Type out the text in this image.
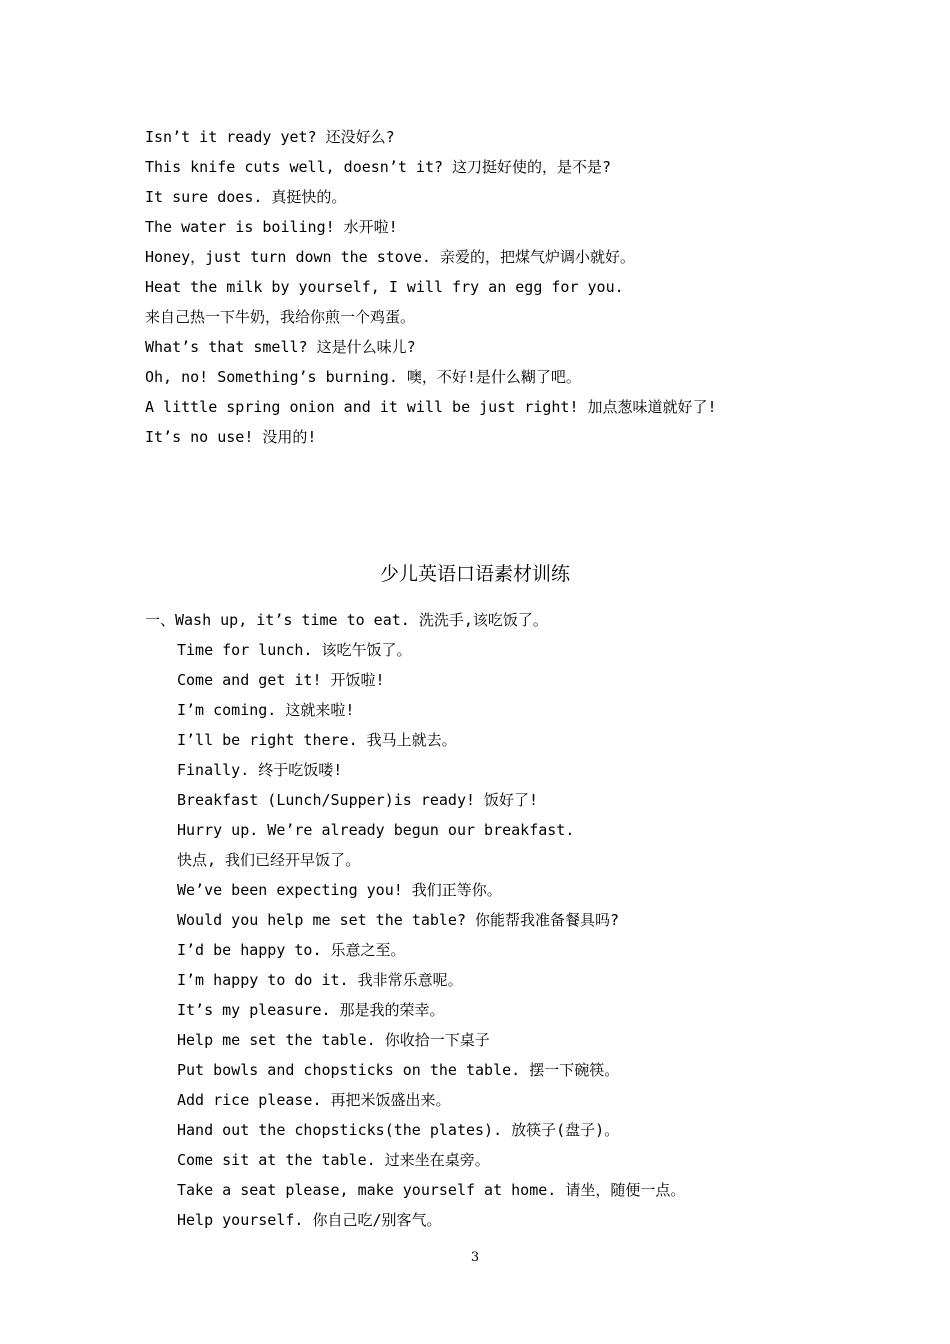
Isn’t it ready yet? 还没好么?
This knife cuts well, doesn’t it? 这刀挺好使的，是不是?
It sure does. 真挺快的。
The water is boiling! 水开啦!
Honey，just turn down the stove. 亲爱的，把煤气炉调小就好。
Heat the milk by yourself, I will fry an egg for you.
来自己热一下牛奶，我给你煎一个鸡蛋。
What’s that smell? 这是什么味儿?
Oh, no! Something’s burning. 噢，不好!是什么糊了吧。
A little spring onion and it will be just right! 加点葱味道就好了!
It’s no use! 没用的!
少儿英语口语素材训练
一、Wash up, it’s time to eat. 洗洗手,该吃饭了。
Time for lunch. 该吃午饭了。
Come and get it! 开饭啦!
I’m coming. 这就来啦!
I’ll be right there. 我马上就去。
Finally. 终于吃饭喽!
Breakfast (Lunch/Supper)is ready! 饭好了!
Hurry up. We’re already begun our breakfast.
快点, 我们已经开早饭了。
We’ve been expecting you! 我们正等你。
Would you help me set the table? 你能帮我准备餐具吗?
I’d be happy to. 乐意之至。
I’m happy to do it. 我非常乐意呢。
It’s my pleasure. 那是我的荣幸。
Help me set the table. 你收拾一下桌子
Put bowls and chopsticks on the table. 摆一下碗筷。
Add rice please. 再把米饭盛出来。
Hand out the chopsticks(the plates). 放筷子(盘子)。
Come sit at the table. 过来坐在桌旁。
Take a seat please, make yourself at home. 请坐，随便一点。
Help yourself. 你自己吃/别客气。
3
